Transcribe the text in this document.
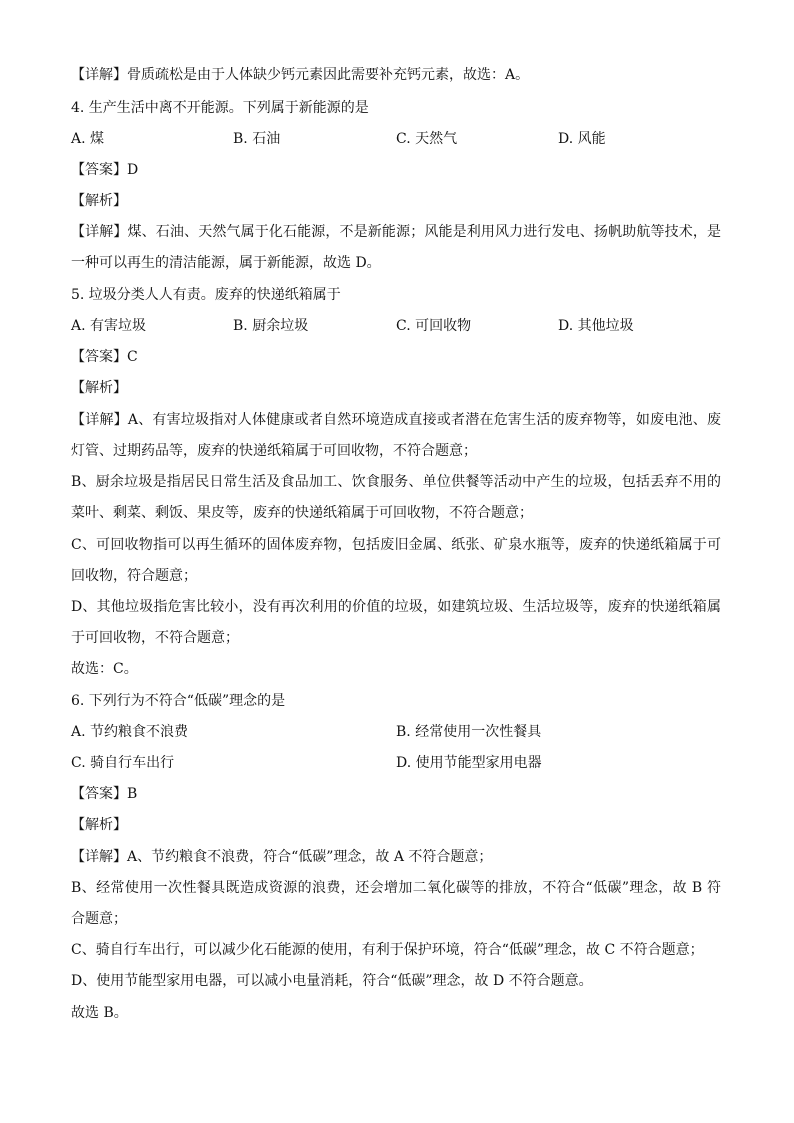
【详解】骨质疏松是由于人体缺少钙元素因此需要补充钙元素，故选：A。
4. 生产生活中离不开能源。下列属于新能源的是
A. 煤	B. 石油	C. 天然气	D. 风能
【答案】D
【解析】
【详解】煤、石油、天然气属于化石能源，不是新能源；风能是利用风力进行发电、扬帆助航等技术，是
一种可以再生的清洁能源，属于新能源，故选 D。
5. 垃圾分类人人有责。废弃的快递纸箱属于
A. 有害垃圾	B. 厨余垃圾	C. 可回收物	D. 其他垃圾
【答案】C
【解析】
【详解】A、有害垃圾指对人体健康或者自然环境造成直接或者潜在危害生活的废弃物等，如废电池、废
灯管、过期药品等，废弃的快递纸箱属于可回收物，不符合题意；
B、厨余垃圾是指居民日常生活及食品加工、饮食服务、单位供餐等活动中产生的垃圾，包括丢弃不用的
菜叶、剩菜、剩饭、果皮等，废弃的快递纸箱属于可回收物，不符合题意；
C、可回收物指可以再生循环的固体废弃物，包括废旧金属、纸张、矿泉水瓶等，废弃的快递纸箱属于可
回收物，符合题意；
D、其他垃圾指危害比较小，没有再次利用的价值的垃圾，如建筑垃圾、生活垃圾等，废弃的快递纸箱属
于可回收物，不符合题意；
故选：C。
6. 下列行为不符合“低碳”理念的是
A. 节约粮食不浪费	B. 经常使用一次性餐具
C. 骑自行车出行	D. 使用节能型家用电器
【答案】B
【解析】
【详解】A、节约粮食不浪费，符合“低碳”理念，故 A 不符合题意；
B、经常使用一次性餐具既造成资源的浪费，还会增加二氧化碳等的排放，不符合“低碳”理念，故 B 符
合题意；
C、骑自行车出行，可以减少化石能源的使用，有利于保护环境，符合“低碳”理念，故 C 不符合题意；
D、使用节能型家用电器，可以减小电量消耗，符合“低碳”理念，故 D 不符合题意。
故选 B。
